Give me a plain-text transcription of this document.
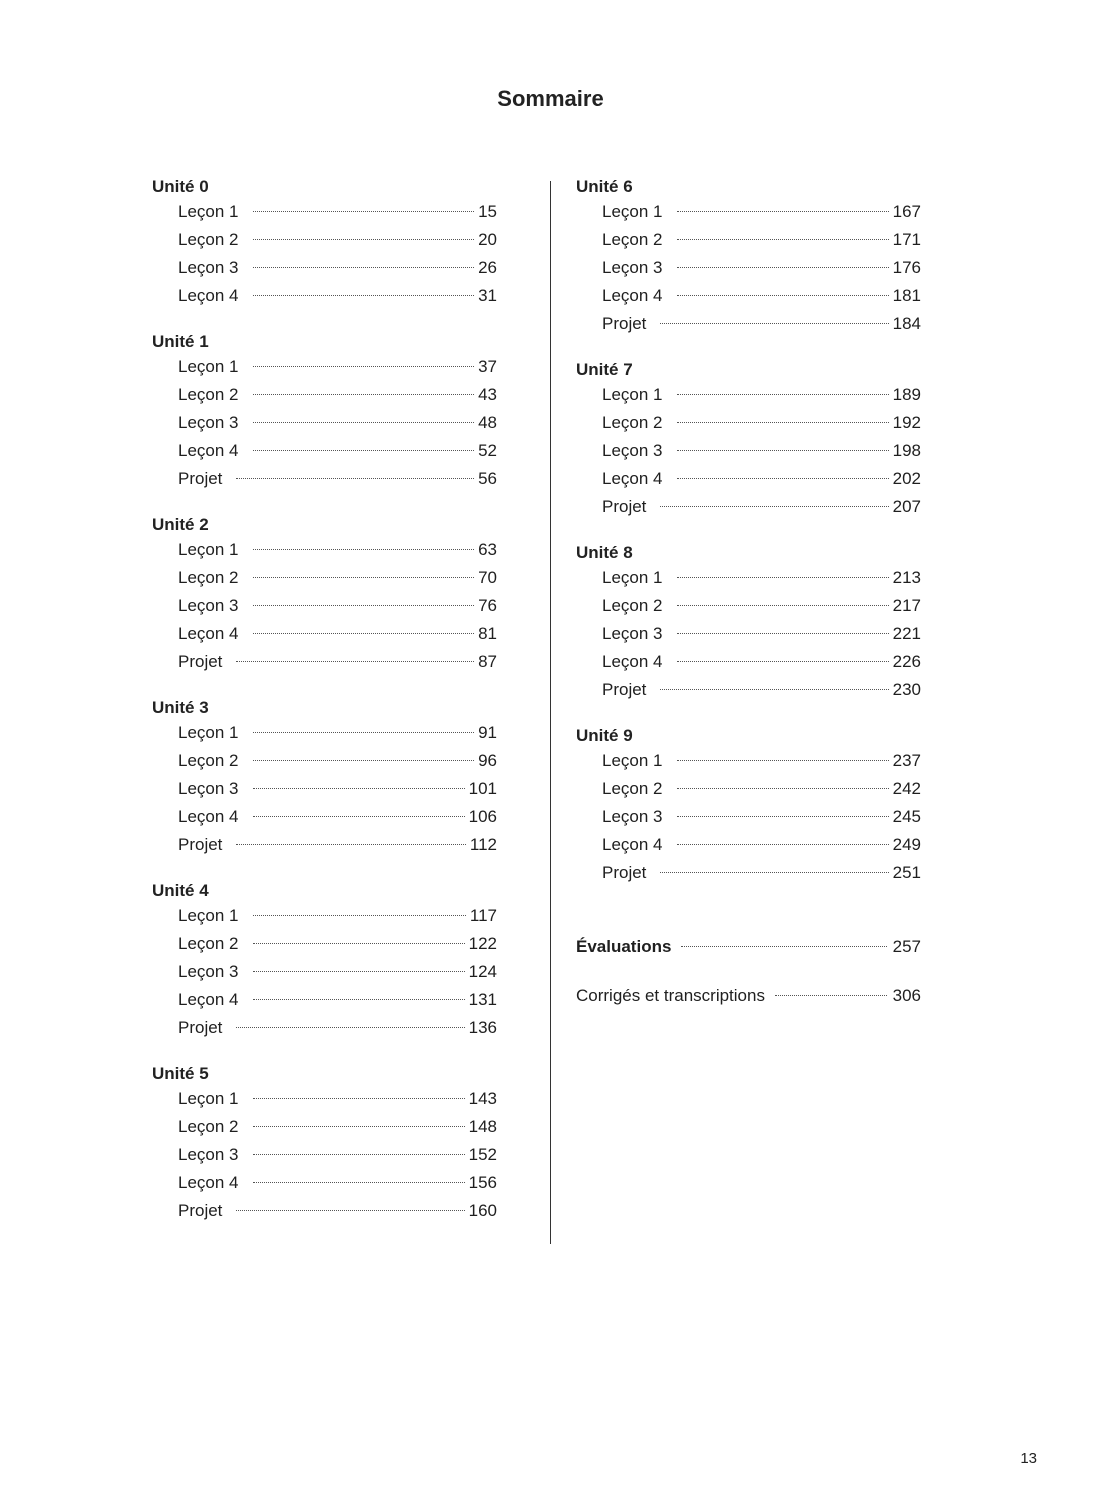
Sommaire
Unité 0
Leçon 1	15
Leçon 2	20
Leçon 3	26
Leçon 4	31
Unité 1
Leçon 1	37
Leçon 2	43
Leçon 3	48
Leçon 4	52
Projet	56
Unité 2
Leçon 1	63
Leçon 2	70
Leçon 3	76
Leçon 4	81
Projet	87
Unité 3
Leçon 1	91
Leçon 2	96
Leçon 3	101
Leçon 4	106
Projet	112
Unité 4
Leçon 1	117
Leçon 2	122
Leçon 3	124
Leçon 4	131
Projet	136
Unité 5
Leçon 1	143
Leçon 2	148
Leçon 3	152
Leçon 4	156
Projet	160
Unité 6
Leçon 1	167
Leçon 2	171
Leçon 3	176
Leçon 4	181
Projet	184
Unité 7
Leçon 1	189
Leçon 2	192
Leçon 3	198
Leçon 4	202
Projet	207
Unité 8
Leçon 1	213
Leçon 2	217
Leçon 3	221
Leçon 4	226
Projet	230
Unité 9
Leçon 1	237
Leçon 2	242
Leçon 3	245
Leçon 4	249
Projet	251
Évaluations	257
Corrigés et transcriptions	306
13
